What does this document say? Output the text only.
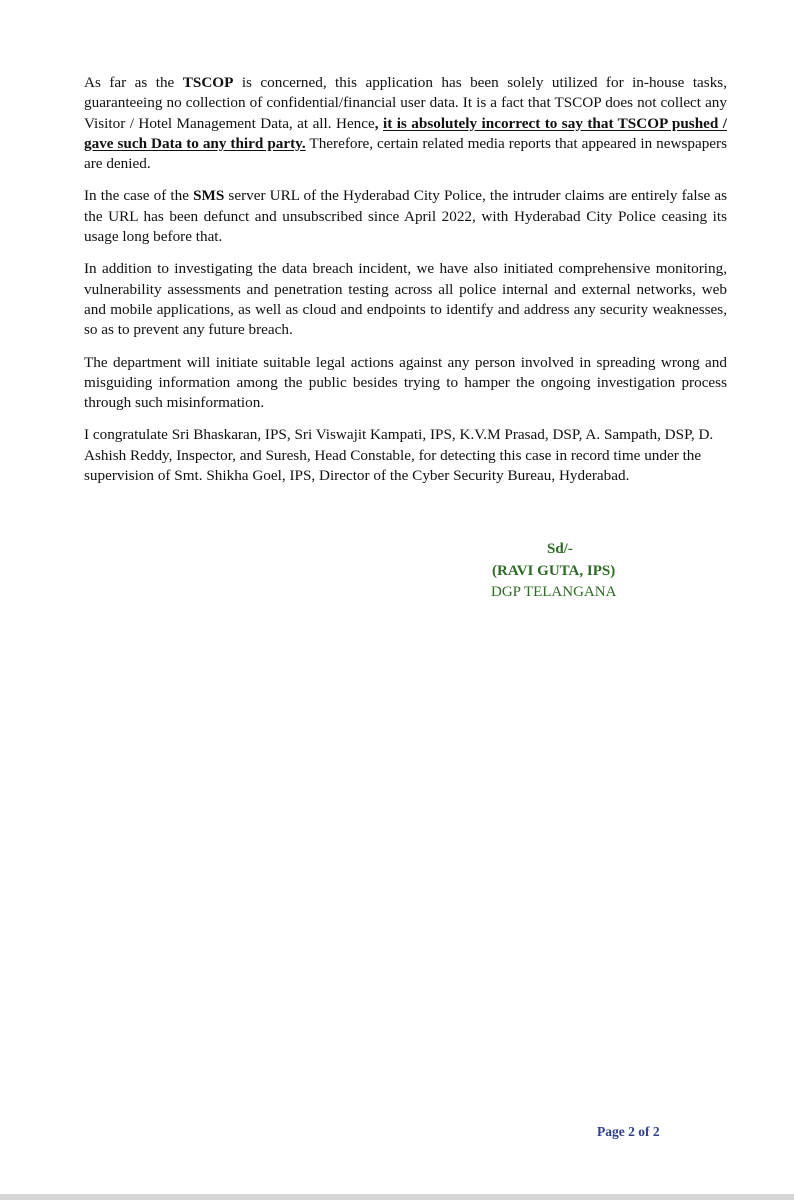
As far as the TSCOP is concerned, this application has been solely utilized for in-house tasks, guaranteeing no collection of confidential/financial user data. It is a fact that TSCOP does not collect any Visitor / Hotel Management Data, at all. Hence, it is absolutely incorrect to say that TSCOP pushed / gave such Data to any third party. Therefore, certain related media reports that appeared in newspapers are denied.

In the case of the SMS server URL of the Hyderabad City Police, the intruder claims are entirely false as the URL has been defunct and unsubscribed since April 2022, with Hyderabad City Police ceasing its usage long before that.

In addition to investigating the data breach incident, we have also initiated comprehensive monitoring, vulnerability assessments and penetration testing across all police internal and external networks, web and mobile applications, as well as cloud and endpoints to identify and address any security weaknesses, so as to prevent any future breach.

The department will initiate suitable legal actions against any person involved in spreading wrong and misguiding information among the public besides trying to hamper the ongoing investigation process through such misinformation.

I congratulate Sri Bhaskaran, IPS, Sri Viswajit Kampati, IPS, K.V.M Prasad, DSP, A. Sampath, DSP, D. Ashish Reddy, Inspector, and Suresh, Head Constable, for detecting this case in record time under the supervision of Smt. Shikha Goel, IPS, Director of the Cyber Security Bureau, Hyderabad.

Sd/-
(RAVI GUTA, IPS)
DGP TELANGANA
Page 2 of 2
